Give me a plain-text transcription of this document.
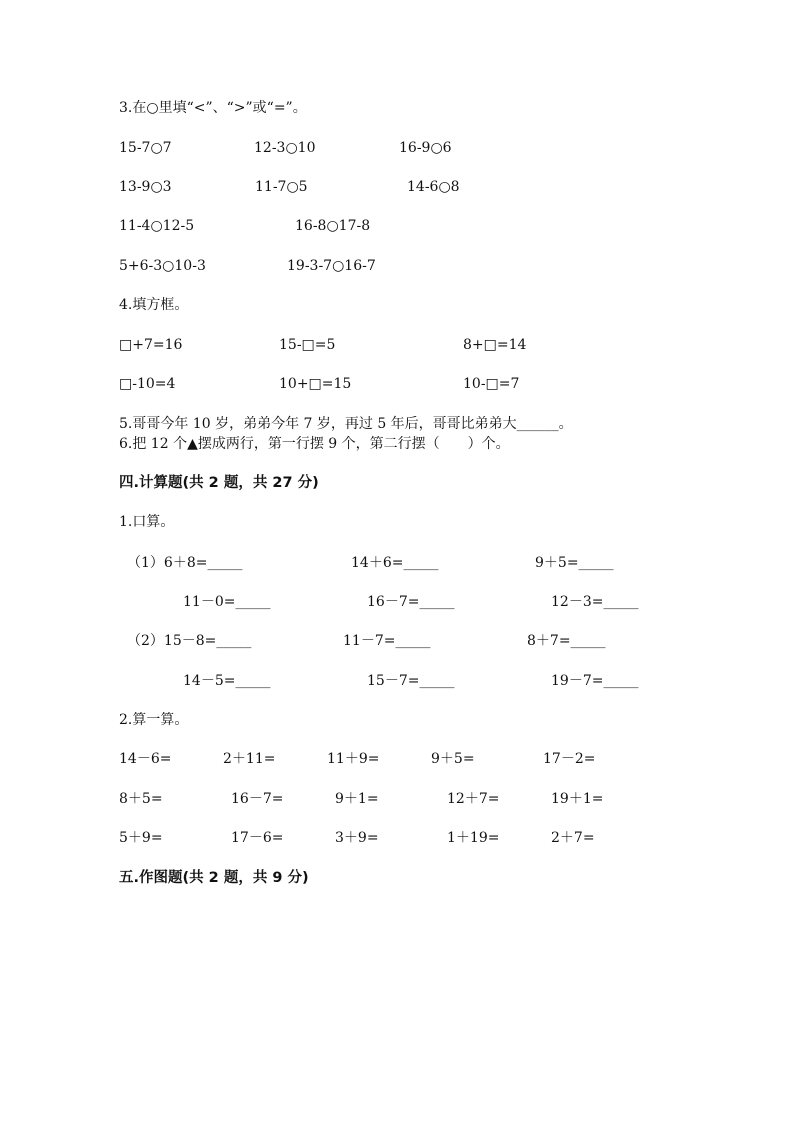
3.在○里填“<”、“>”或“=”。
15-7○7	12-3○10	16-9○6
13-9○3	11-7○5	14-6○8
11-4○12-5	16-8○17-8
5+6-3○10-3	19-3-7○16-7
4.填方框。
□+7=16	15-□=5	8+□=14
□-10=4	10+□=15	10-□=7
5.哥哥今年 10 岁，弟弟今年 7 岁，再过 5 年后，哥哥比弟弟大______。
6.把 12 个▲摆成两行，第一行摆 9 个，第二行摆（　　）个。
四.计算题(共 2 题，共 27 分)
1.口算。
（1）6＋8=_____	14＋6=_____	9＋5=_____
11－0=_____	16－7=_____	12－3=_____
（2）15－8=_____	11－7=_____	8＋7=_____
14－5=_____	15－7=_____	19－7=_____
2.算一算。
14－6=	2＋11=	11＋9=	9＋5=	17－2=
8＋5=	16－7=	9＋1=	12＋7=	19＋1=
5＋9=	17－6=	3＋9=	1＋19=	2＋7=
五.作图题(共 2 题，共 9 分)
